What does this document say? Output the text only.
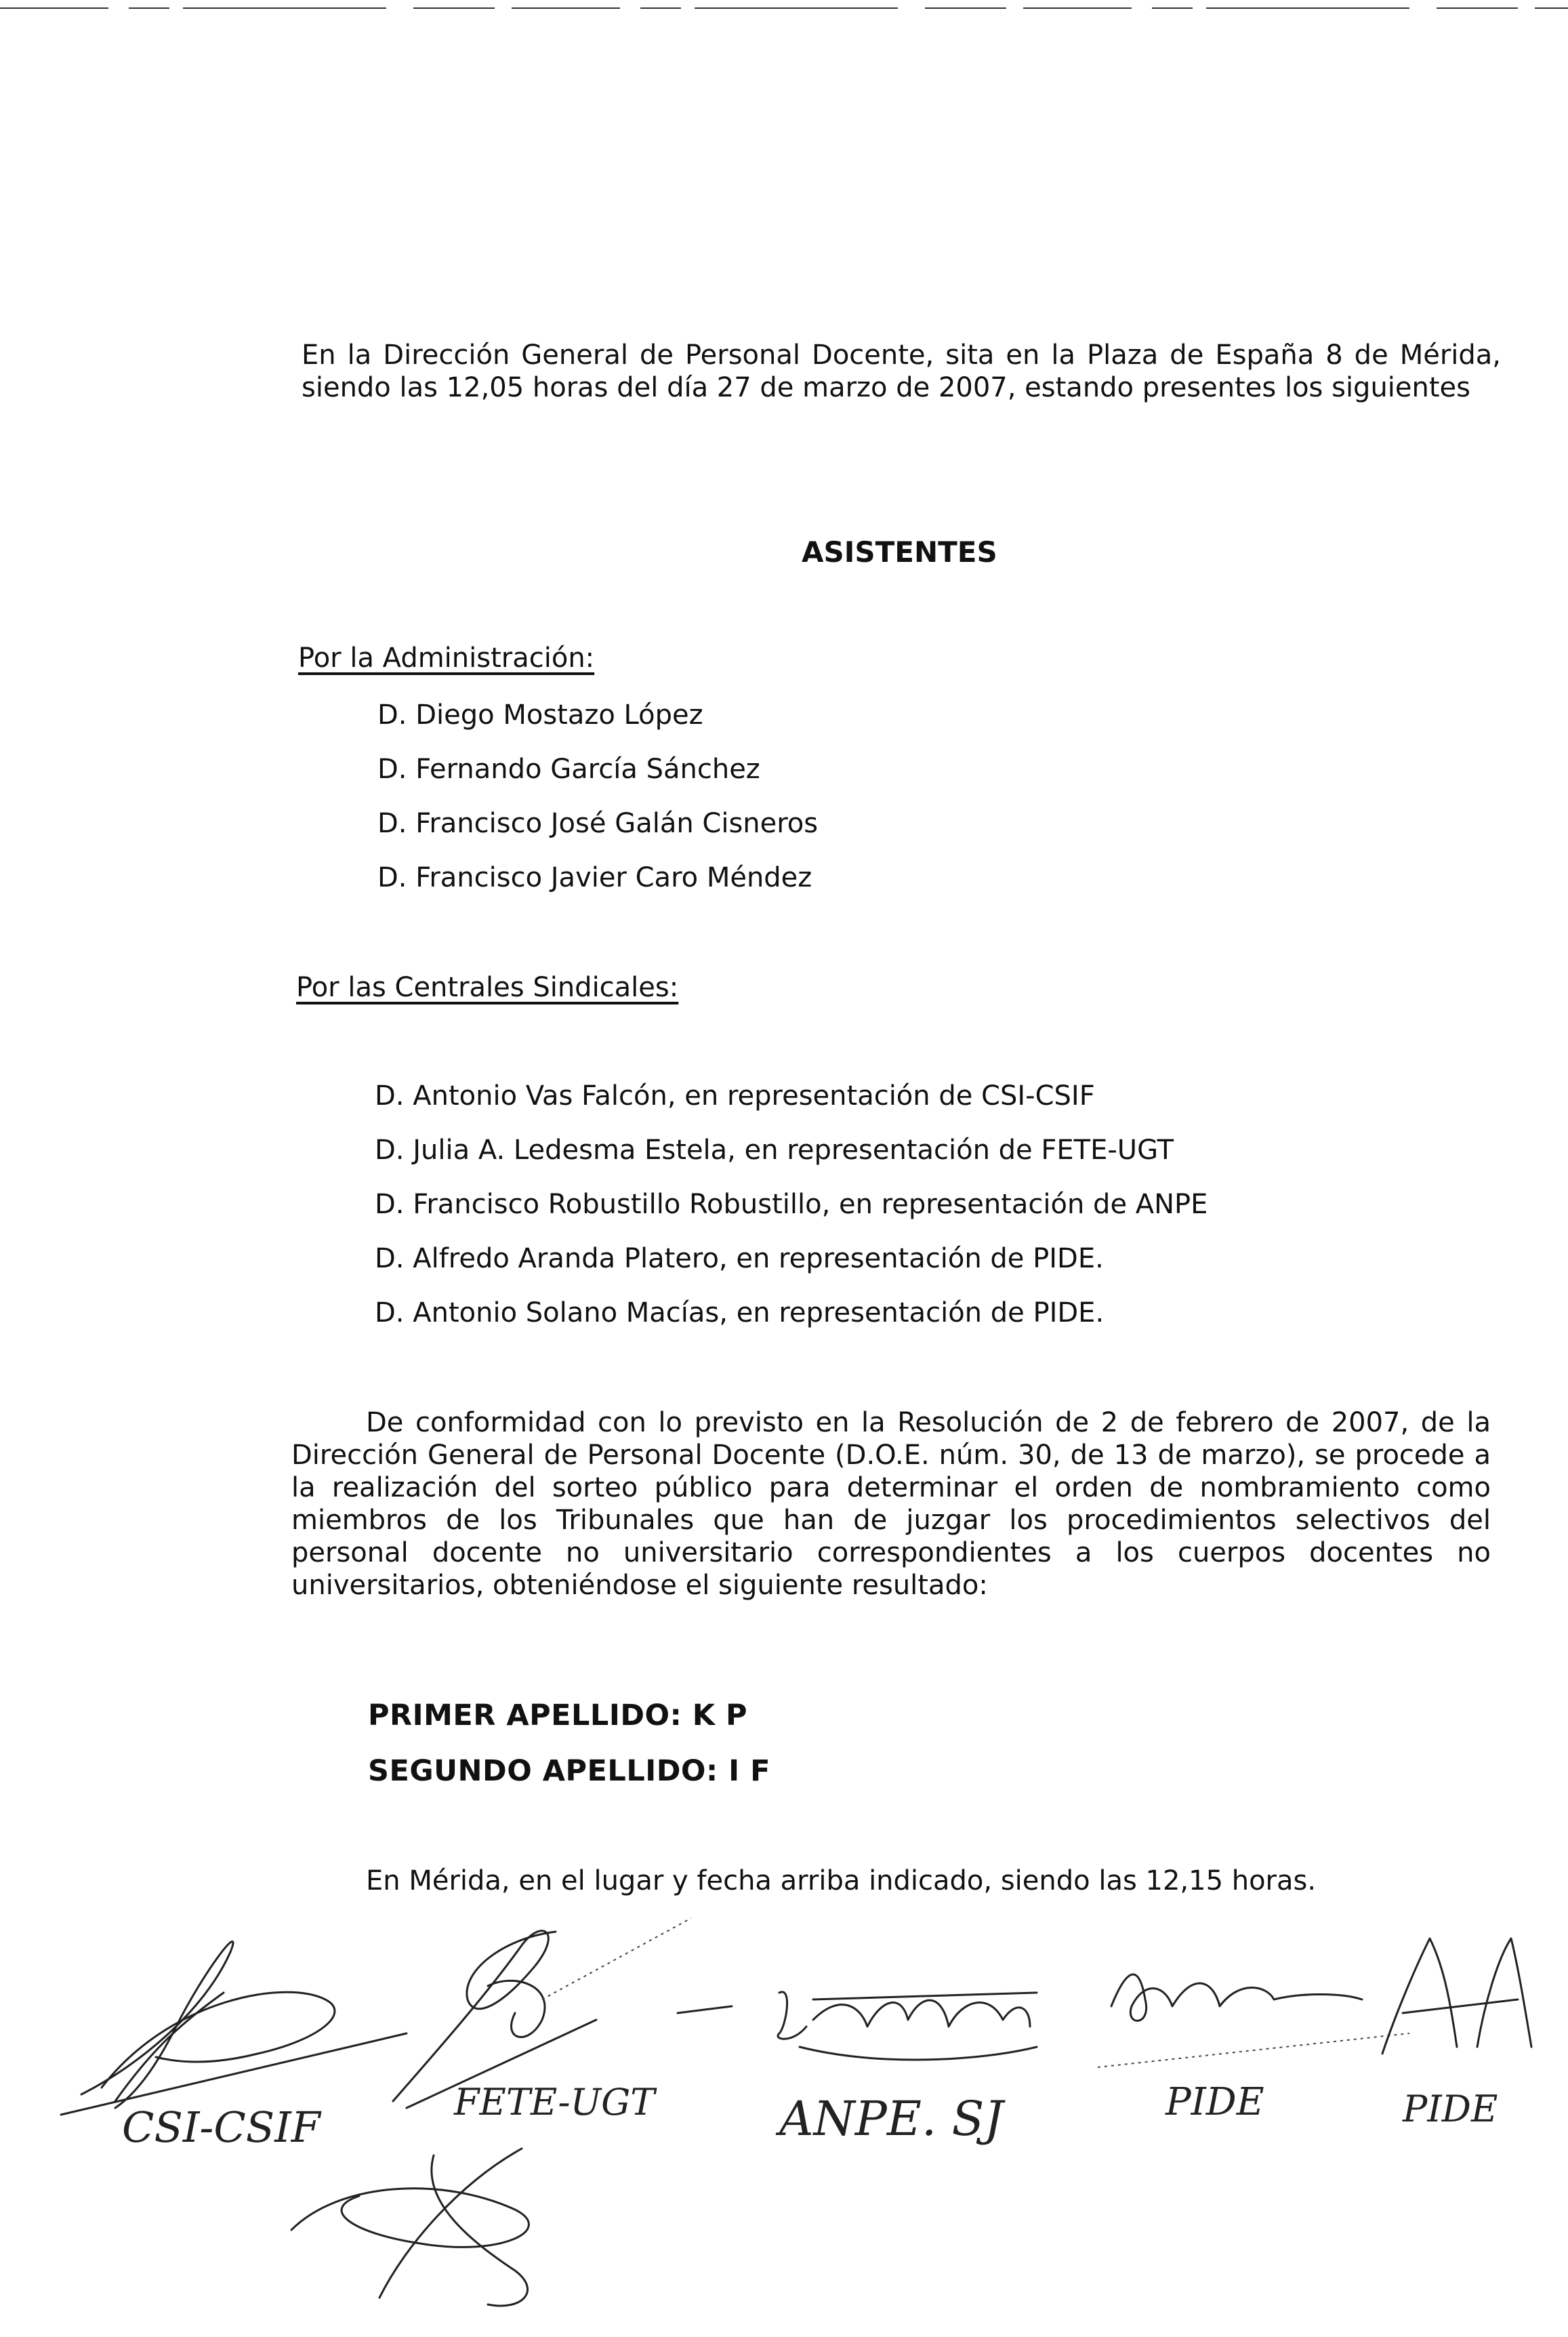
En la Dirección General de Personal Docente, sita en la Plaza de España 8 de Mérida, siendo las 12,05 horas del día 27 de marzo de 2007, estando presentes los siguientes
ASISTENTES
Por la Administración:
D. Diego Mostazo López
D. Fernando García Sánchez
D. Francisco José Galán Cisneros
D. Francisco Javier Caro Méndez
Por las Centrales Sindicales:
D. Antonio Vas Falcón, en representación de CSI-CSIF
D. Julia A. Ledesma Estela, en representación de FETE-UGT
D. Francisco Robustillo Robustillo, en representación de ANPE
D. Alfredo Aranda Platero, en representación de PIDE.
D. Antonio Solano Macías, en representación de PIDE.
De conformidad con lo previsto en la Resolución de 2 de febrero de 2007, de la Dirección General de Personal Docente (D.O.E. núm. 30, de 13 de marzo), se procede a la realización del sorteo público para determinar el orden de nombramiento como miembros de los Tribunales que han de juzgar los procedimientos selectivos del personal docente no universitario correspondientes a los cuerpos docentes no universitarios, obteniéndose el siguiente resultado:
PRIMER APELLIDO: K P
SEGUNDO APELLIDO: I F
En Mérida, en el lugar y fecha arriba indicado, siendo las 12,15 horas.
CSI-CSIF
FETE-UGT	ANPE. SJ	PIDE	PIDE
